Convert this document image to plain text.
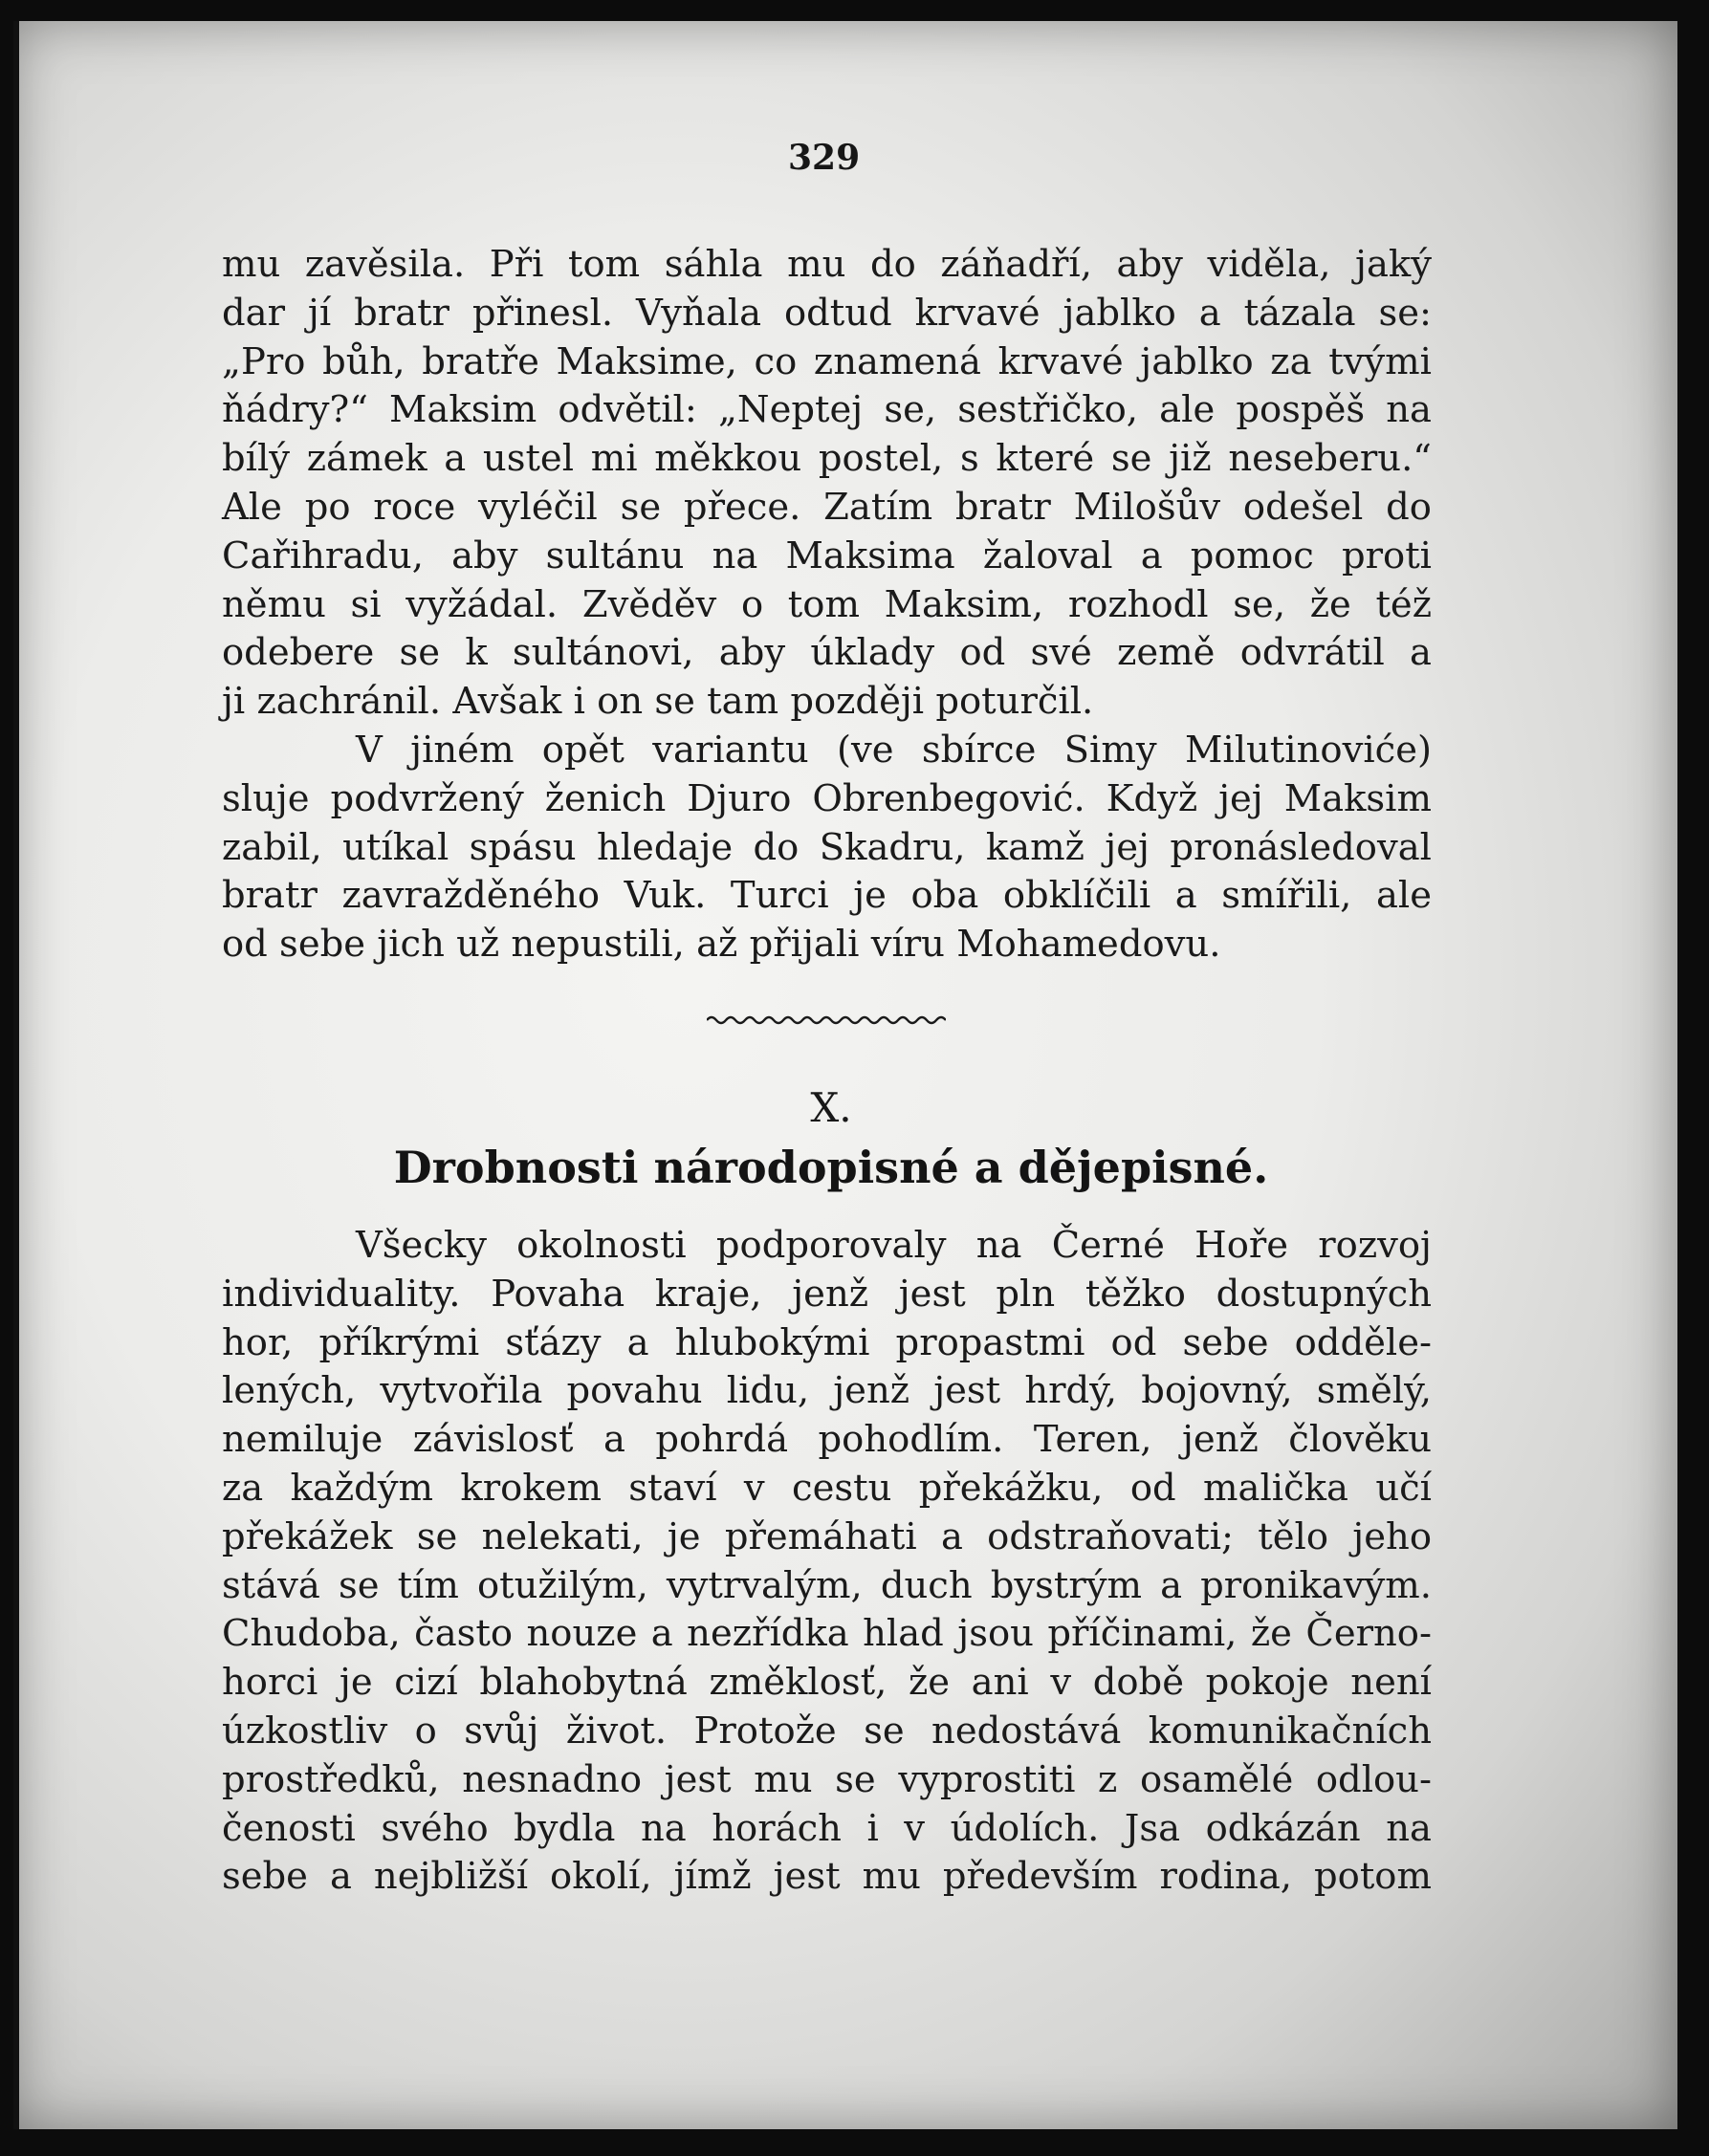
329

mu zavěsila. Při tom sáhla mu do záňadří, aby viděla, jaký
dar jí bratr přinesl. Vyňala odtud krvavé jablko a tázala se:
„Pro bůh, bratře Maksime, co znamená krvavé jablko za tvými
ňádry?“ Maksim odvětil: „Neptej se, sestřičko, ale pospěš na
bílý zámek a ustel mi měkkou postel, s které se již neseberu.“
Ale po roce vyléčil se přece. Zatím bratr Milošův odešel do
Cařihradu, aby sultánu na Maksima žaloval a pomoc proti
němu si vyžádal. Zvěděv o tom Maksim, rozhodl se, že též
odebere se k sultánovi, aby úklady od své země odvrátil a
ji zachránil. Avšak i on se tam později poturčil.
V jiném opět variantu (ve sbírce Simy Milutinoviće)
sluje podvržený ženich Djuro Obrenbegović. Když jej Maksim
zabil, utíkal spásu hledaje do Skadru, kamž jej pronásledoval
bratr zavražděného Vuk. Turci je oba obklíčili a smířili, ale
od sebe jich už nepustili, až přijali víru Mohamedovu.

X.

Drobnosti národopisné a dějepisné.

Všecky okolnosti podporovaly na Černé Hoře rozvoj
individuality. Povaha kraje, jenž jest pln těžko dostupných
hor, příkrými sťázy a hlubokými propastmi od sebe odděle-
lených, vytvořila povahu lidu, jenž jest hrdý, bojovný, smělý,
nemiluje závislosť a pohrdá pohodlím. Teren, jenž člověku
za každým krokem staví v cestu překážku, od malička učí
překážek se nelekati, je přemáhati a odstraňovati; tělo jeho
stává se tím otužilým, vytrvalým, duch bystrým a pronikavým.
Chudoba, často nouze a nezřídka hlad jsou příčinami, že Černo-
horci je cizí blahobytná změklosť, že ani v době pokoje není
úzkostliv o svůj život. Protože se nedostává komunikačních
prostředků, nesnadno jest mu se vyprostiti z osamělé odlou-
čenosti svého bydla na horách i v údolích. Jsa odkázán na
sebe a nejbližší okolí, jímž jest mu především rodina, potom
